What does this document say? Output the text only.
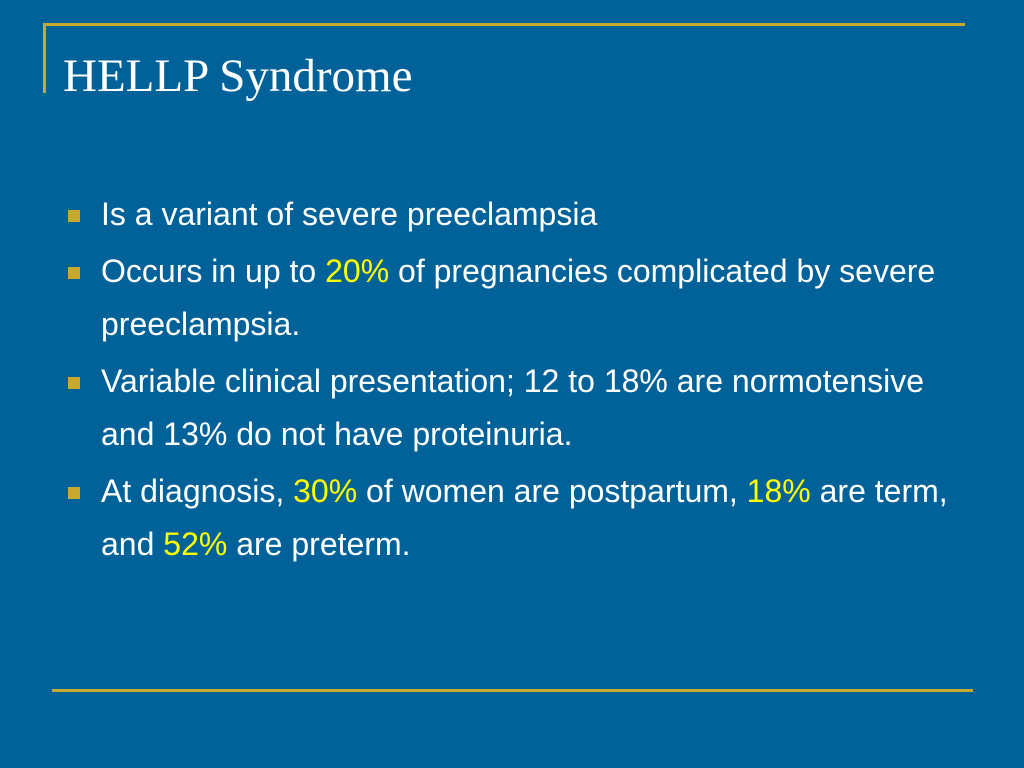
HELLP Syndrome
Is a variant of severe preeclampsia
Occurs in up to 20% of pregnancies complicated by severe preeclampsia.
Variable clinical presentation; 12 to 18% are normotensive and 13% do not have proteinuria.
At diagnosis, 30% of women are postpartum, 18% are term, and 52% are preterm.
